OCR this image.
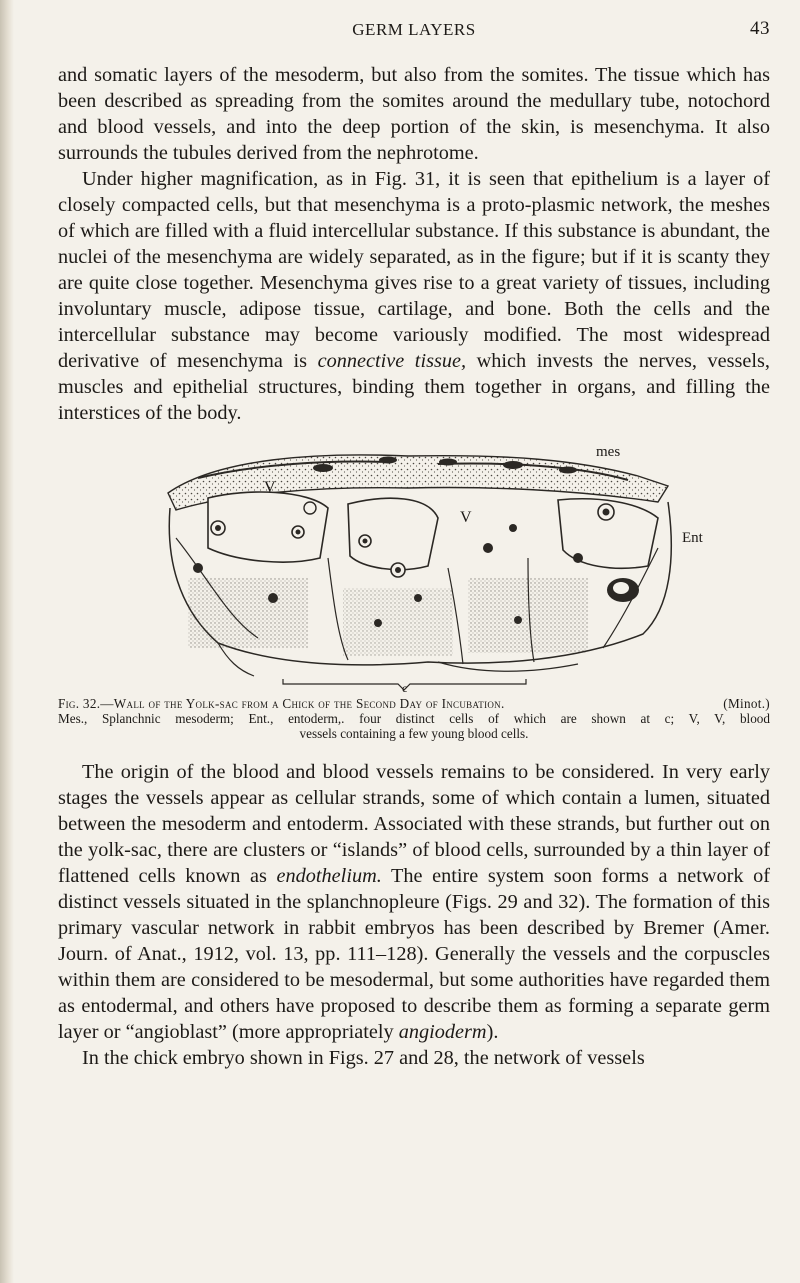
GERM LAYERS	43

and somatic layers of the mesoderm, but also from the somites. The tissue which has been described as spreading from the somites around the medullary tube, notochord and blood vessels, and into the deep portion of the skin, is mesenchyma. It also surrounds the tubules derived from the nephrotome.

Under higher magnification, as in Fig. 31, it is seen that epithelium is a layer of closely compacted cells, but that mesenchyma is a proto-plasmic network, the meshes of which are filled with a fluid intercellular substance. If this substance is abundant, the nuclei of the mesenchyma are widely separated, as in the figure; but if it is scanty they are quite close together. Mesenchyma gives rise to a great variety of tissues, including involuntary muscle, adipose tissue, cartilage, and bone. Both the cells and the intercellular substance may become variously modified. The most widespread derivative of mesenchyma is connective tissue, which invests the nerves, vessels, muscles and epithelial structures, binding them together in organs, and filling the interstices of the body.

mes
V
V
Ent
c
Fig. 32.—Wall of the Yolk-sac from a Chick of the Second Day of Incubation.	(Minot.)
Mes., Splanchnic mesoderm; Ent., entoderm,. four distinct cells of which are shown at c; V, V, blood
vessels containing a few young blood cells.

The origin of the blood and blood vessels remains to be considered. In very early stages the vessels appear as cellular strands, some of which contain a lumen, situated between the mesoderm and entoderm. Associated with these strands, but further out on the yolk-sac, there are clusters or “islands” of blood cells, surrounded by a thin layer of flattened cells known as endothelium. The entire system soon forms a network of distinct vessels situated in the splanchnopleure (Figs. 29 and 32). The formation of this primary vascular network in rabbit embryos has been described by Bremer (Amer. Journ. of Anat., 1912, vol. 13, pp. 111–128). Generally the vessels and the corpuscles within them are considered to be mesodermal, but some authorities have regarded them as entodermal, and others have proposed to describe them as forming a separate germ layer or “angioblast” (more appropriately angioderm).

In the chick embryo shown in Figs. 27 and 28, the network of vessels
